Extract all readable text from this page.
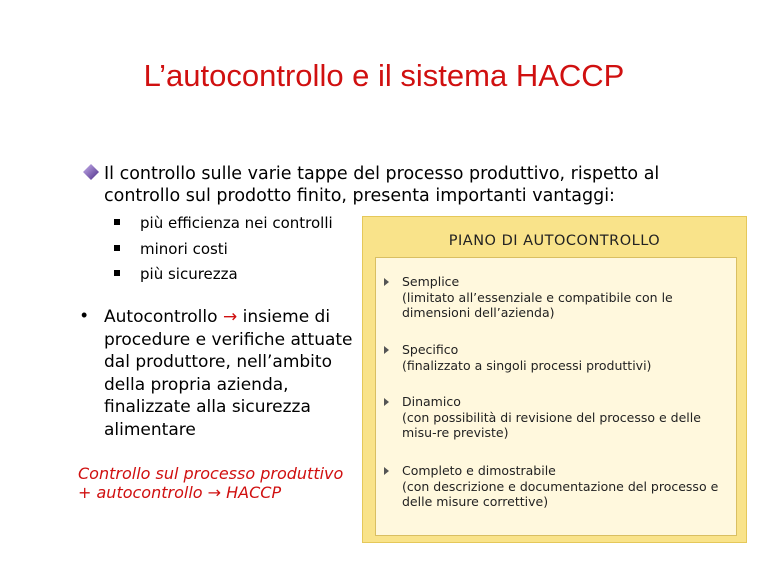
L’autocontrollo e il sistema HACCP
Il controllo sulle varie tappe del processo produttivo, rispetto al controllo sul prodotto finito, presenta importanti vantaggi:
più efficienza nei controlli
minori costi
più sicurezza
• Autocontrollo → insieme di procedure e verifiche attuate dal produttore, nell’ambito della propria azienda, finalizzate alla sicurezza alimentare
Controllo sul processo produttivo + autocontrollo → HACCP
PIANO DI AUTOCONTROLLO
Semplice
(limitato all’essenziale e compatibile con le dimensioni dell’azienda)
Specifico
(finalizzato a singoli processi produttivi)
Dinamico
(con possibilità di revisione del processo e delle misu-re previste)
Completo e dimostrabile
(con descrizione e documentazione del processo e delle misure correttive)
